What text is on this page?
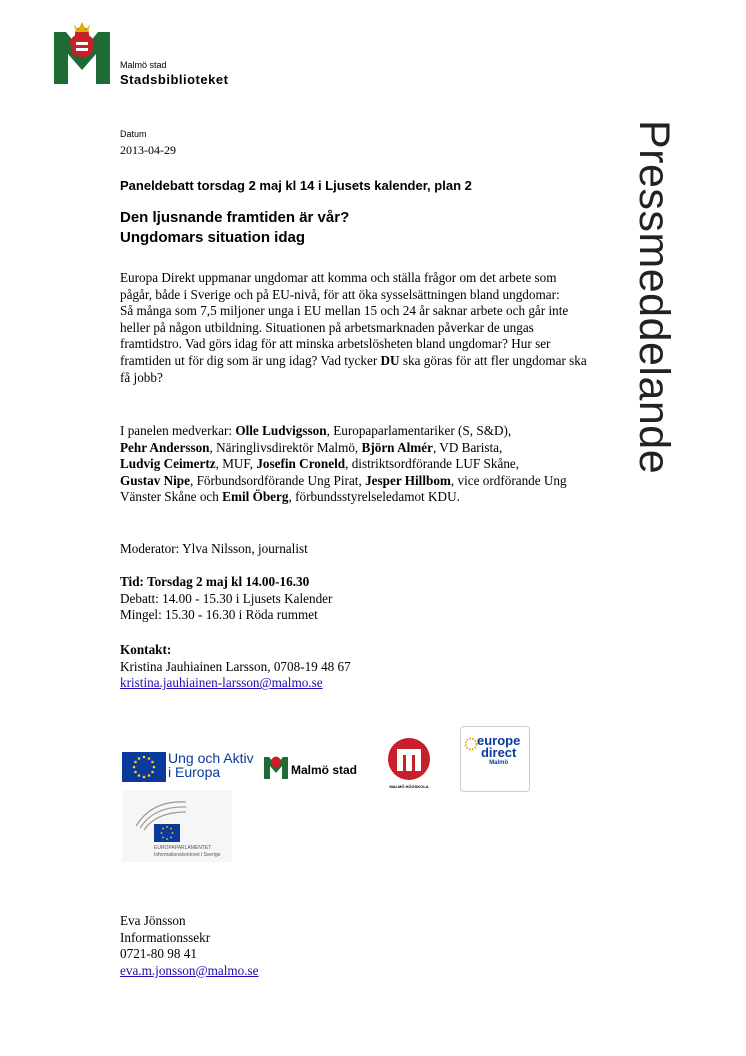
Malmö stad
Stadsbiblioteket
Datum
2013-04-29	Pressmeddelande
Paneldebatt torsdag 2 maj kl 14 i Ljusets kalender, plan 2
Den ljusnande framtiden är vår?
Ungdomars situation idag

Europa Direkt uppmanar ungdomar att komma och ställa frågor om det arbete som pågår, både i Sverige och på EU-nivå, för att öka sysselsättningen bland ungdomar:

Så många som 7,5 miljoner unga i EU mellan 15 och 24 år saknar arbete och går inte heller på någon utbildning. Situationen på arbetsmarknaden påverkar de ungas framtidstro. Vad görs idag för att minska arbetslösheten bland ungdomar? Hur ser framtiden ut för dig som är ung idag? Vad tycker DU ska göras för att fler ungdomar ska få jobb?

I panelen medverkar: Olle Ludvigsson, Europaparlamentariker (S, S&D),
Pehr Andersson, Näringlivsdirektör Malmö, Björn Almér, VD Barista,
Ludvig Ceimertz, MUF, Josefin Croneld, distriktsordförande LUF Skåne,
Gustav Nipe, Förbundsordförande Ung Pirat, Jesper Hillbom, vice ordförande Ung Vänster Skåne och Emil Öberg, förbundsstyrelseledamot KDU.

Moderator: Ylva Nilsson, journalist

Tid: Torsdag 2 maj kl 14.00-16.30

Debatt: 14.00 - 15.30 i Ljusets Kalender

Mingel: 15.30 - 16.30 i Röda rummet

Kontakt:

Kristina Jauhiainen Larsson, 0708-19 48 67

kristina.jauhiainen-larsson@malmo.se

Ung och Aktiv
i Europa	Malmö stad
MALMÖ HÖGSKOLA
europe
direct
Malmö
EUROPAPARLAMENTET
Informationskontoret i Sverige

Eva Jönsson

Informationssekr

0721-80 98 41

eva.m.jonsson@malmo.se
